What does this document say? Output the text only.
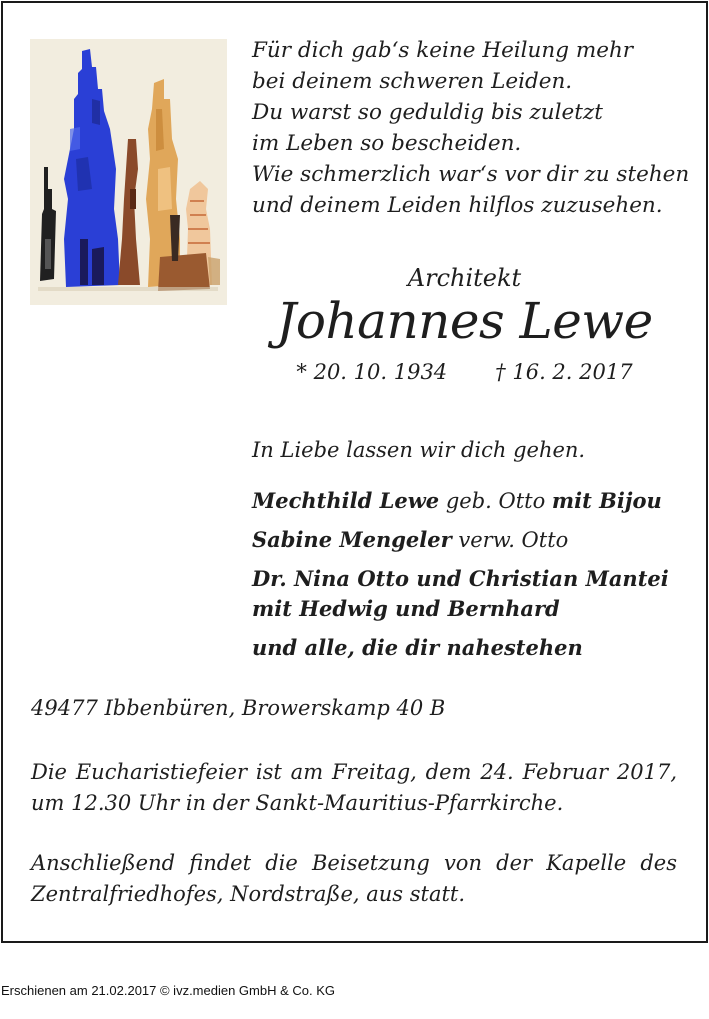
Für dich gab‘s keine Heilung mehr
bei deinem schweren Leiden.
Du warst so geduldig bis zuletzt
im Leben so bescheiden.
Wie schmerzlich war‘s vor dir zu stehen
und deinem Leiden hilflos zuzusehen.
Architekt
Johannes Lewe
* 20. 10. 1934 † 16. 2. 2017
In Liebe lassen wir dich gehen.
Mechthild Lewe geb. Otto mit Bijou
Sabine Mengeler verw. Otto
Dr. Nina Otto und Christian Mantei
mit Hedwig und Bernhard
und alle, die dir nahestehen
49477 Ibbenbüren, Browerskamp 40 B
Die Eucharistiefeier ist am Freitag, dem 24. Februar 2017,
um 12.30 Uhr in der Sankt-Mauritius-Pfarrkirche.
Anschließend findet die Beisetzung von der Kapelle des
Zentralfriedhofes, Nordstraße, aus statt.
Erschienen am 21.02.2017 © ivz.medien GmbH & Co. KG
